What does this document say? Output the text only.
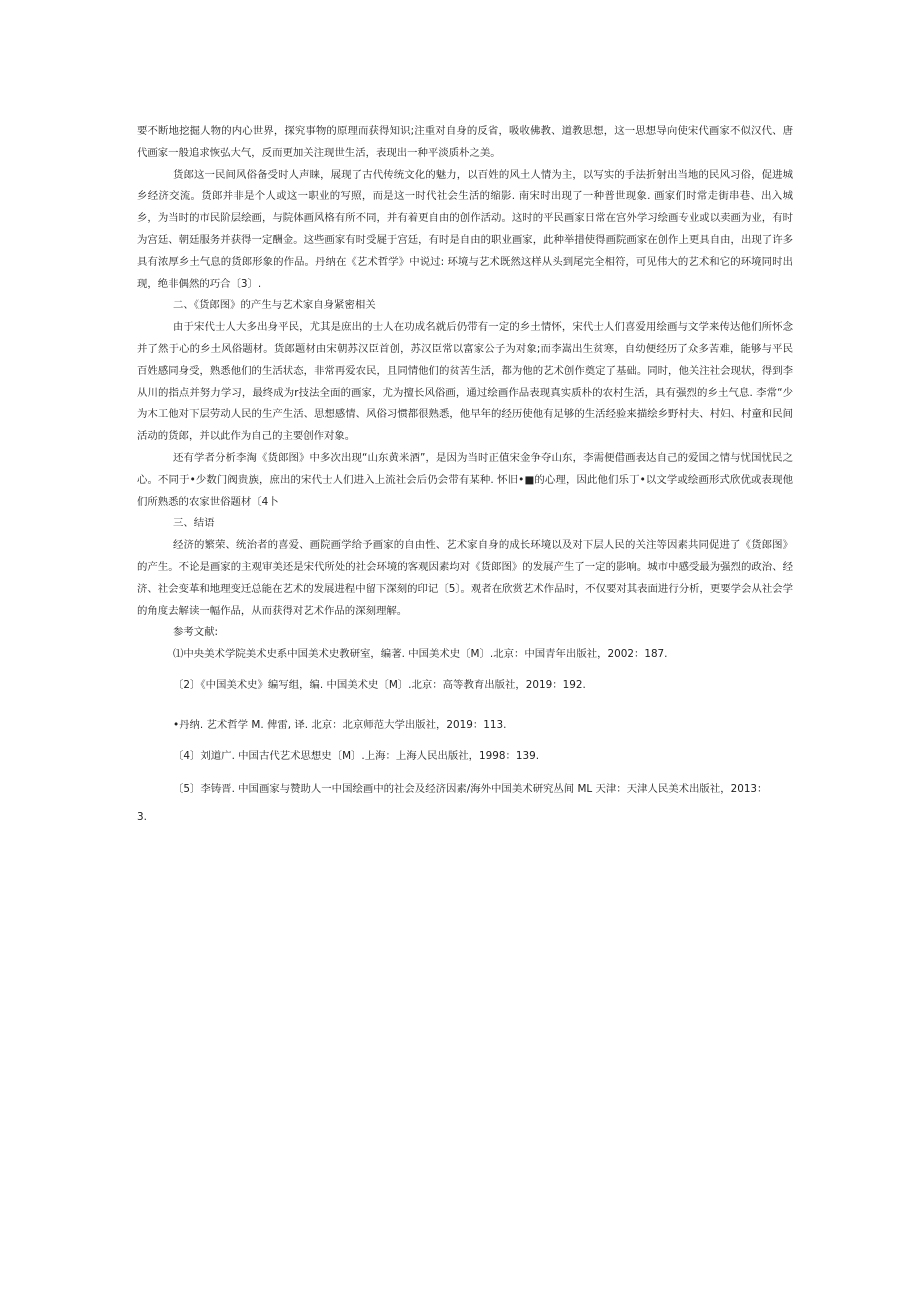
要不断地挖掘人物的内心世界，探究事物的原理而获得知识;注重对自身的反省，吸收佛教、道教思想，这一思想导向使宋代画家不似汉代、唐代画家一般追求恢弘大气，反而更加关注现世生活，表现出一种平淡质朴之美。

货郎这一民间风俗备受时人声睐，展现了古代传统文化的魅力，以百姓的风土人情为主，以写实的手法折射出当地的民风习俗，促进城乡经济交流。货郎并非是个人或这一职业的写照，而是这一时代社会生活的缩影. 南宋时出现了一种普世现象. 画家们时常走街串巷、出入城乡，为当时的市民阶层绘画，与院体画风格有所不同，并有着更自由的创作活动。这时的平民画家日常在宫外学习绘画专业或以卖画为业，有时为宫廷、朝廷服务并获得一定酬金。这些画家有时受屣于宫廷，有时是自由的职业画家，此种举措使得画院画家在创作上更具自由，出现了许多具有浓厚乡土气息的货郎形象的作品。丹纳在《艺术哲学》中说过: 环境与艺术既然这样从头到尾完全相符，可见伟大的艺术和它的环境同时出现，绝非偶然的巧合〔3〕.

二、《货郎图》的产生与艺术家自身紧密相关

由于宋代士人大多出身平民，尤其是庶出的士人在功成名就后仍带有一定的乡土情怀，宋代士人们喜爱用绘画与文学来传达他们所怀念并了然于心的乡土风俗题材。货郎题材由宋朝苏汉臣首创，苏汉臣常以富家公子为对象;而李嵩出生贫寒，自幼便经历了众多苦难，能够与平民百姓感同身受，熟悉他们的生活状态，非常再爱农民，且同情他们的贫苦生活，都为他的艺术创作奠定了基础。同时，他关注社会现状，得到李从川的指点并努力学习，最终成为r技法全面的画家，尤为擅长风俗画，通过绘画作品表现真实质朴的农村生活，具有强烈的乡土气息. 李常“少为木工他对下层劳动人民的生产生活、思想感情、风俗习惯都很熟悉，他早年的经历使他有足够的生活经验来描绘乡野村夫、村妇、村童和民间活动的货郎，并以此作为自己的主要创作对象。

还有学者分析李淘《货郎图》中多次出现“山东黄米酒”，是因为当时正值宋金争夺山东，李需便借画表达自己的爱国之情与忧国忧民之心。不同于•少数门阀贵族，庶出的宋代士人们进入上流社会后仍会带有某种. 怀旧•■的心理，因此他们乐丁•以文学或绘画形式欣优或表现他们所熟悉的农家世俗题材〔4卜

三、结语

经济的繁荣、统治者的喜爱、画院画学给予画家的自由性、艺术家自身的成长环境以及对下层人民的关注等因素共同促进了《货郎图》的产生。不论是画家的主观审美还是宋代所处的社会环境的客观因素均对《货郎图》的发展产生了一定的影响。城市中感受最为强烈的政治、经济、社会变革和地理变迁总能在艺术的发展进程中留下深刻的印记〔5〕。观者在欣赏艺术作品时，不仅要对其表面进行分析，更要学会从社会学的角度去解读一幅作品，从而获得对艺术作品的深刻理解。

参考文献:

⑴中央美术学院美术史系中国美术史教研室，编著. 中国美术史〔M〕.北京：中国青年出版社，2002：187.

〔2〕《中国美术史》编写组，编. 中国美术史〔M〕.北京：高等教育出版社，2019：192.

•丹纳. 艺术哲学 M. 俾雷, 译. 北京：北京师范大学出版社，2019：113.

〔4〕刘道广. 中国古代艺术思想史〔M〕.上海：上海人民出版社，1998：139.

〔5〕李铸晋. 中国画家与赞助人一中国绘画中的社会及经济因素/海外中国美术研究丛间 ML 天津：天津人民美术出版社，2013：

3.
